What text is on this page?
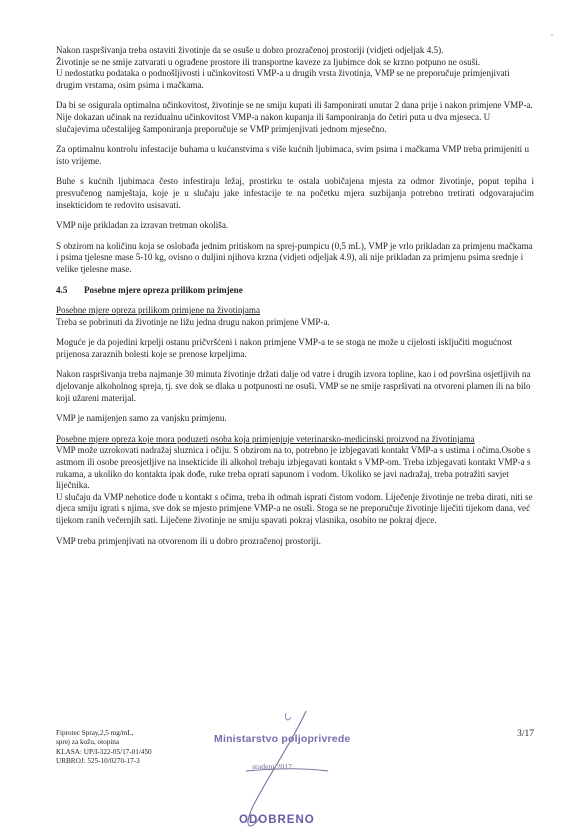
Nakon raspršivanja treba ostaviti životinje da se osuše u dobro prozračenoj prostoriji (vidjeti odjeljak 4.5).

Životinje se ne smije zatvarati u ograđene prostore ili transportne kaveze za ljubimce dok se krzno potpuno ne osuši.

U nedostatku podataka o podnošljivosti i učinkovitosti VMP-a u drugih vrsta životinja, VMP se ne preporučuje primjenjivati drugim vrstama, osim psima i mačkama.

Da bi se osigurala optimalna učinkovitost, životinje se ne smiju kupati ili šamponirati unutar 2 dana prije i nakon primjene VMP-a. Nije dokazan učinak na rezidualnu učinkovitost VMP-a nakon kupanja ili šamponiranja do četiri puta u dva mjeseca. U slučajevima učestalijeg šamponiranja preporučuje se VMP primjenjivati jednom mjesečno.

Za optimalnu kontrolu infestacije buhama u kućanstvima s više kućnih ljubimaca, svim psima i mačkama VMP treba primijeniti u isto vrijeme.

Buhe s kućnih ljubimaca često infestiraju ležaj, prostirku te ostala uobičajena mjesta za odmor životinje, poput tepiha i presvučenog namještaja, koje je u slučaju jake infestacije te na početku mjera suzbijanja potrebno tretirati odgovarajućim insekticidom te redovito usisavati.

VMP nije prikladan za izravan tretman okoliša.

S obzirom na količinu koja se oslobađa jednim pritiskom na sprej-pumpicu (0,5 mL), VMP je vrlo prikladan za primjenu mačkama i psima tjelesne mase 5-10 kg, ovisno o duljini njihova krzna (vidjeti odjeljak 4.9), ali nije prikladan za primjenu psima srednje i velike tjelesne mase.

4.5 Posebne mjere opreza prilikom primjene

Posebne mjere opreza prilikom primjene na životinjama

Treba se pobrinuti da životinje ne ližu jedna drugu nakon primjene VMP-a.

Moguće je da pojedini krpelji ostanu pričvršćeni i nakon primjene VMP-a te se stoga ne može u cijelosti isključiti mogućnost prijenosa zaraznih bolesti koje se prenose krpeljima.

Nakon raspršivanja treba najmanje 30 minuta životinje držati dalje od vatre i drugih izvora topline, kao i od površina osjetljivih na djelovanje alkoholnog spreja, tj. sve dok se dlaka u potpunosti ne osuši. VMP se ne smije raspršivati na otvoreni plamen ili na bilo koji užareni materijal.

VMP je namijenjen samo za vanjsku primjenu.

Posebne mjere opreza koje mora poduzeti osoba koja primjenjuje veterinarsko-medicinski proizvod na životinjama

VMP može uzrokovati nadražaj sluznica i očiju. S obzirom na to, potrebno je izbjegavati kontakt VMP-a s ustima i očima.Osobe s astmom ili osobe preosjetljive na insekticide ili alkohol trebaju izbjegavati kontakt s VMP-om. Treba izbjegavati kontakt VMP-a s rukama, a ukoliko do kontakta ipak dođe, ruke treba oprati sapunom i vodom. Ukoliko se javi nadražaj, treba potražiti savjet liječnika.

U slučaju da VMP nehotice dođe u kontakt s očima, treba ih odmah isprati čistom vodom. Liječenje životinje ne treba dirati, niti se djeca smiju igrati s njima, sve dok se mjesto primjene VMP-a ne osuši. Stoga se ne preporučuje životinje liječiti tijekom dana, već tijekom ranih večernjih sati. Liječene životinje ne smiju spavati pokraj vlasnika, osobito ne pokraj djece.

VMP treba primjenjivati na otvorenom ili u dobro prozračenoj prostoriji.

Fiprotec Spray,2,5 mg/mL,

sprej za kožu, otopina

KLASA: UP/I-322-05/17-01/450

URBROJ: 525-10/0270-17-3

3/17
Ministarstvo poljoprivrede
studeni 2017.
ODOBRENO
